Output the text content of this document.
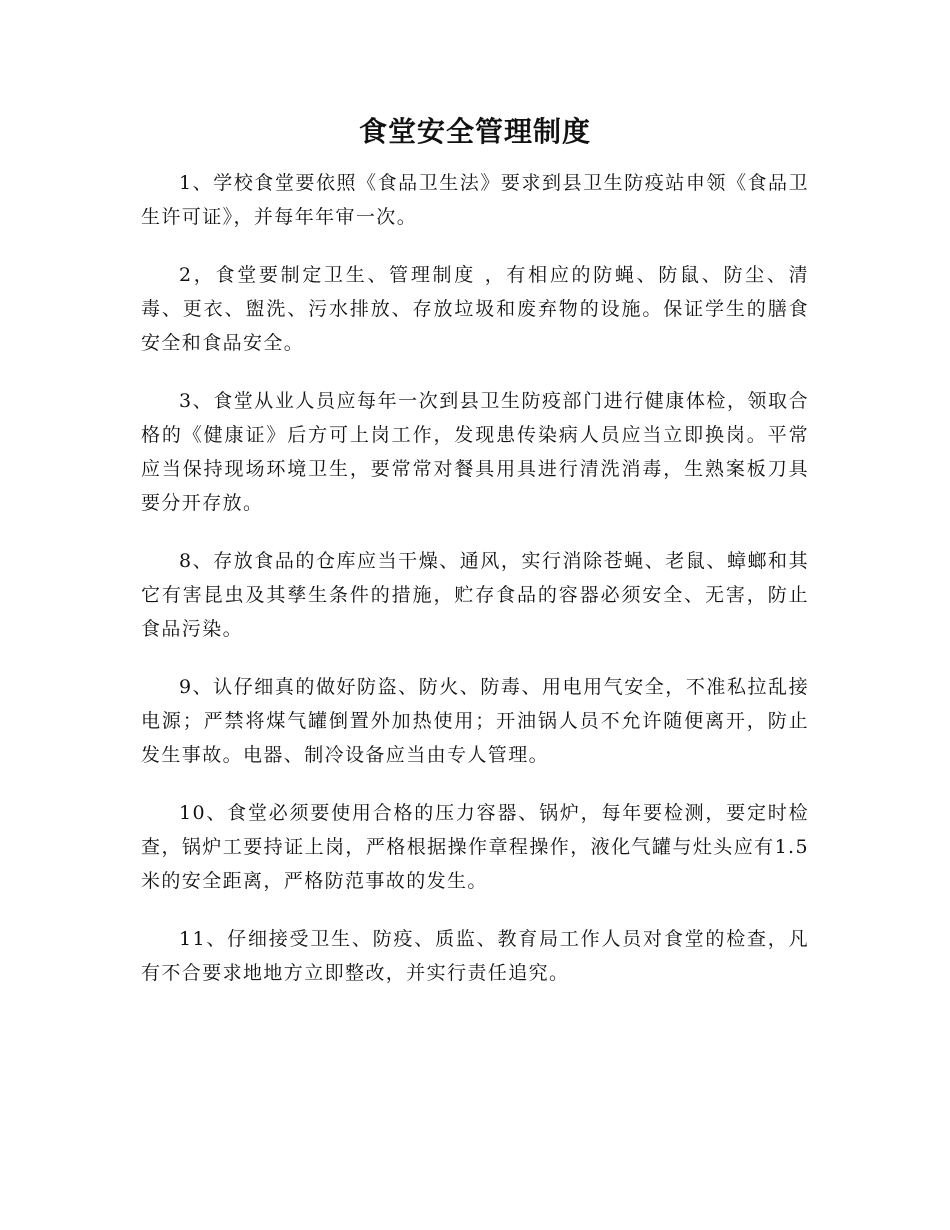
食堂安全管理制度

1、学校食堂要依照《食品卫生法》要求到县卫生防疫站申领《食品卫生许可证》，并每年年审一次。

2，食堂要制定卫生、管理制度 ，有相应的防蝇、防鼠、防尘、清毒、更衣、盥洗、污水排放、存放垃圾和废弃物的设施。保证学生的膳食安全和食品安全。

3、食堂从业人员应每年一次到县卫生防疫部门进行健康体检，领取合格的《健康证》后方可上岗工作，发现患传染病人员应当立即换岗。平常应当保持现场环境卫生，要常常对餐具用具进行清洗消毒，生熟案板刀具要分开存放。

8、存放食品的仓库应当干燥、通风，实行消除苍蝇、老鼠、蟑螂和其它有害昆虫及其孳生条件的措施，贮存食品的容器必须安全、无害，防止食品污染。

9、认仔细真的做好防盗、防火、防毒、用电用气安全，不准私拉乱接电源；严禁将煤气罐倒置外加热使用；开油锅人员不允许随便离开，防止发生事故。电器、制冷设备应当由专人管理。

10、食堂必须要使用合格的压力容器、锅炉，每年要检测，要定时检查，锅炉工要持证上岗，严格根据操作章程操作，液化气罐与灶头应有1.5米的安全距离，严格防范事故的发生。

11、仔细接受卫生、防疫、质监、教育局工作人员对食堂的检查，凡有不合要求地地方立即整改，并实行责任追究。
